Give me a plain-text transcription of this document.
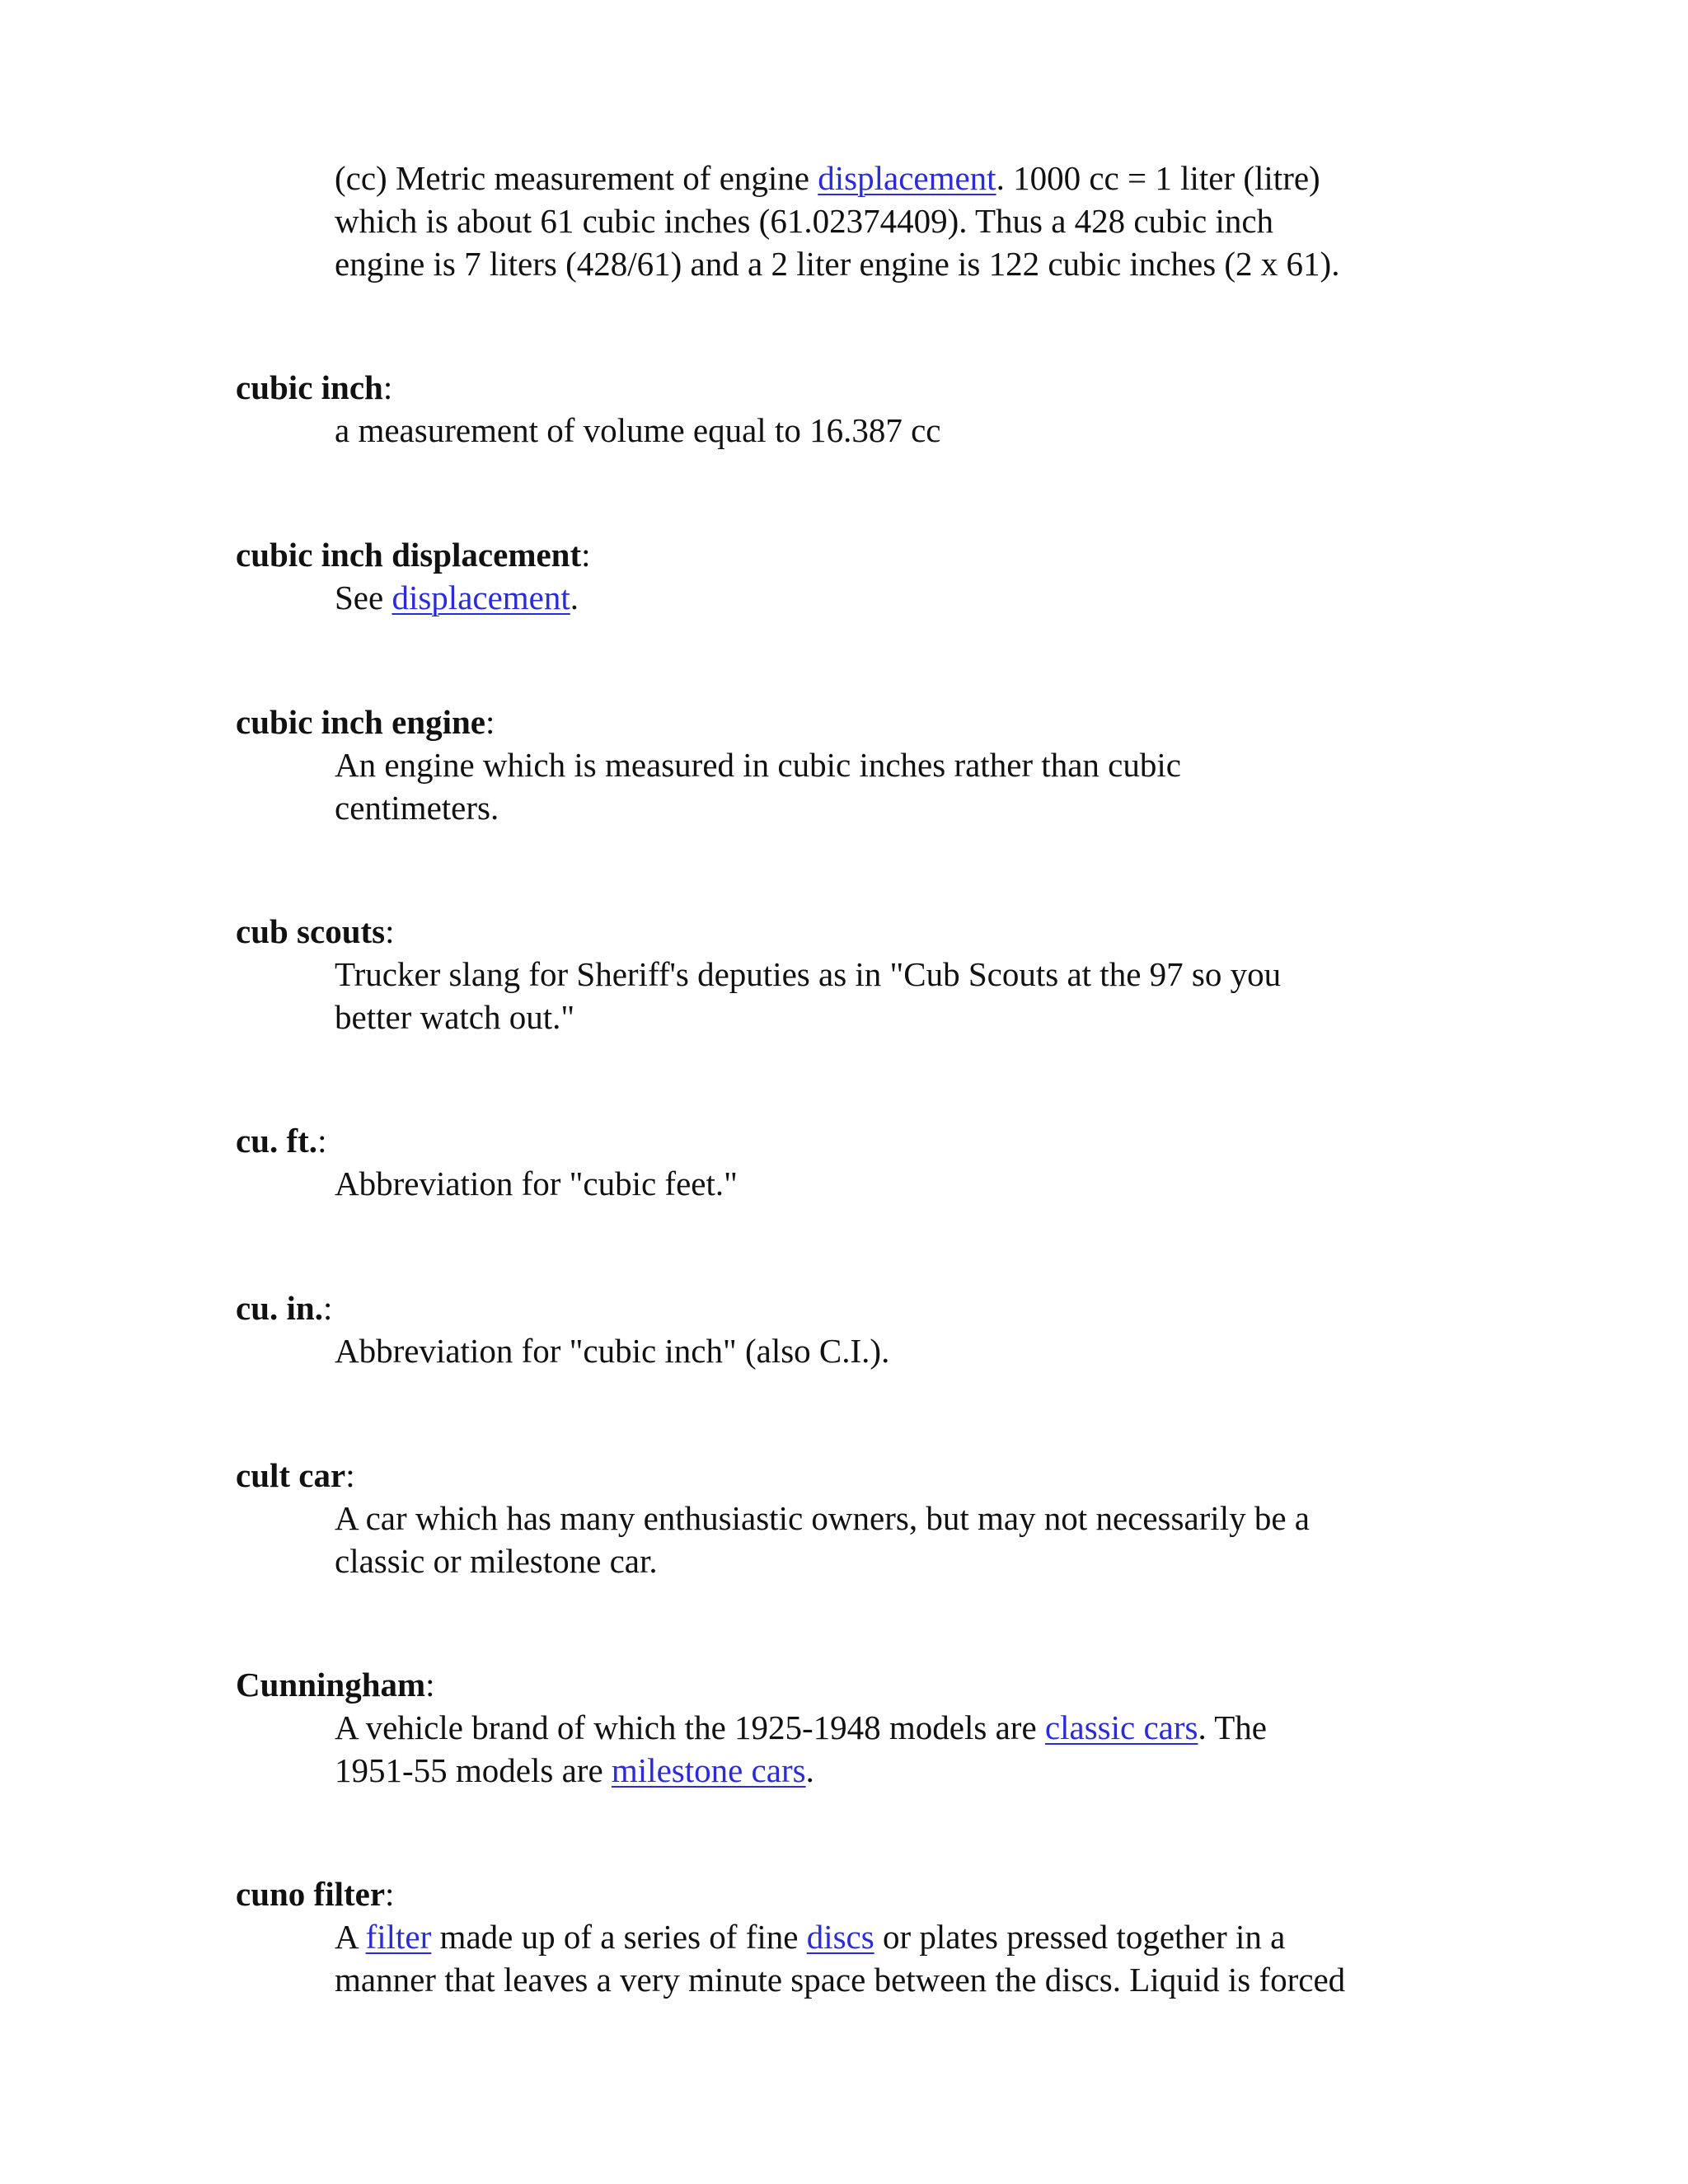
(cc) Metric measurement of engine displacement. 1000 cc = 1 liter (litre)
which is about 61 cubic inches (61.02374409). Thus a 428 cubic inch
engine is 7 liters (428/61) and a 2 liter engine is 122 cubic inches (2 x 61).
cubic inch:
a measurement of volume equal to 16.387 cc
cubic inch displacement:
See displacement.
cubic inch engine:
An engine which is measured in cubic inches rather than cubic
centimeters.
cub scouts:
Trucker slang for Sheriff's deputies as in "Cub Scouts at the 97 so you
better watch out."
cu. ft.:
Abbreviation for "cubic feet."
cu. in.:
Abbreviation for "cubic inch" (also C.I.).
cult car:
A car which has many enthusiastic owners, but may not necessarily be a
classic or milestone car.
Cunningham:
A vehicle brand of which the 1925-1948 models are classic cars. The
1951-55 models are milestone cars.
cuno filter:
A filter made up of a series of fine discs or plates pressed together in a
manner that leaves a very minute space between the discs. Liquid is forced
